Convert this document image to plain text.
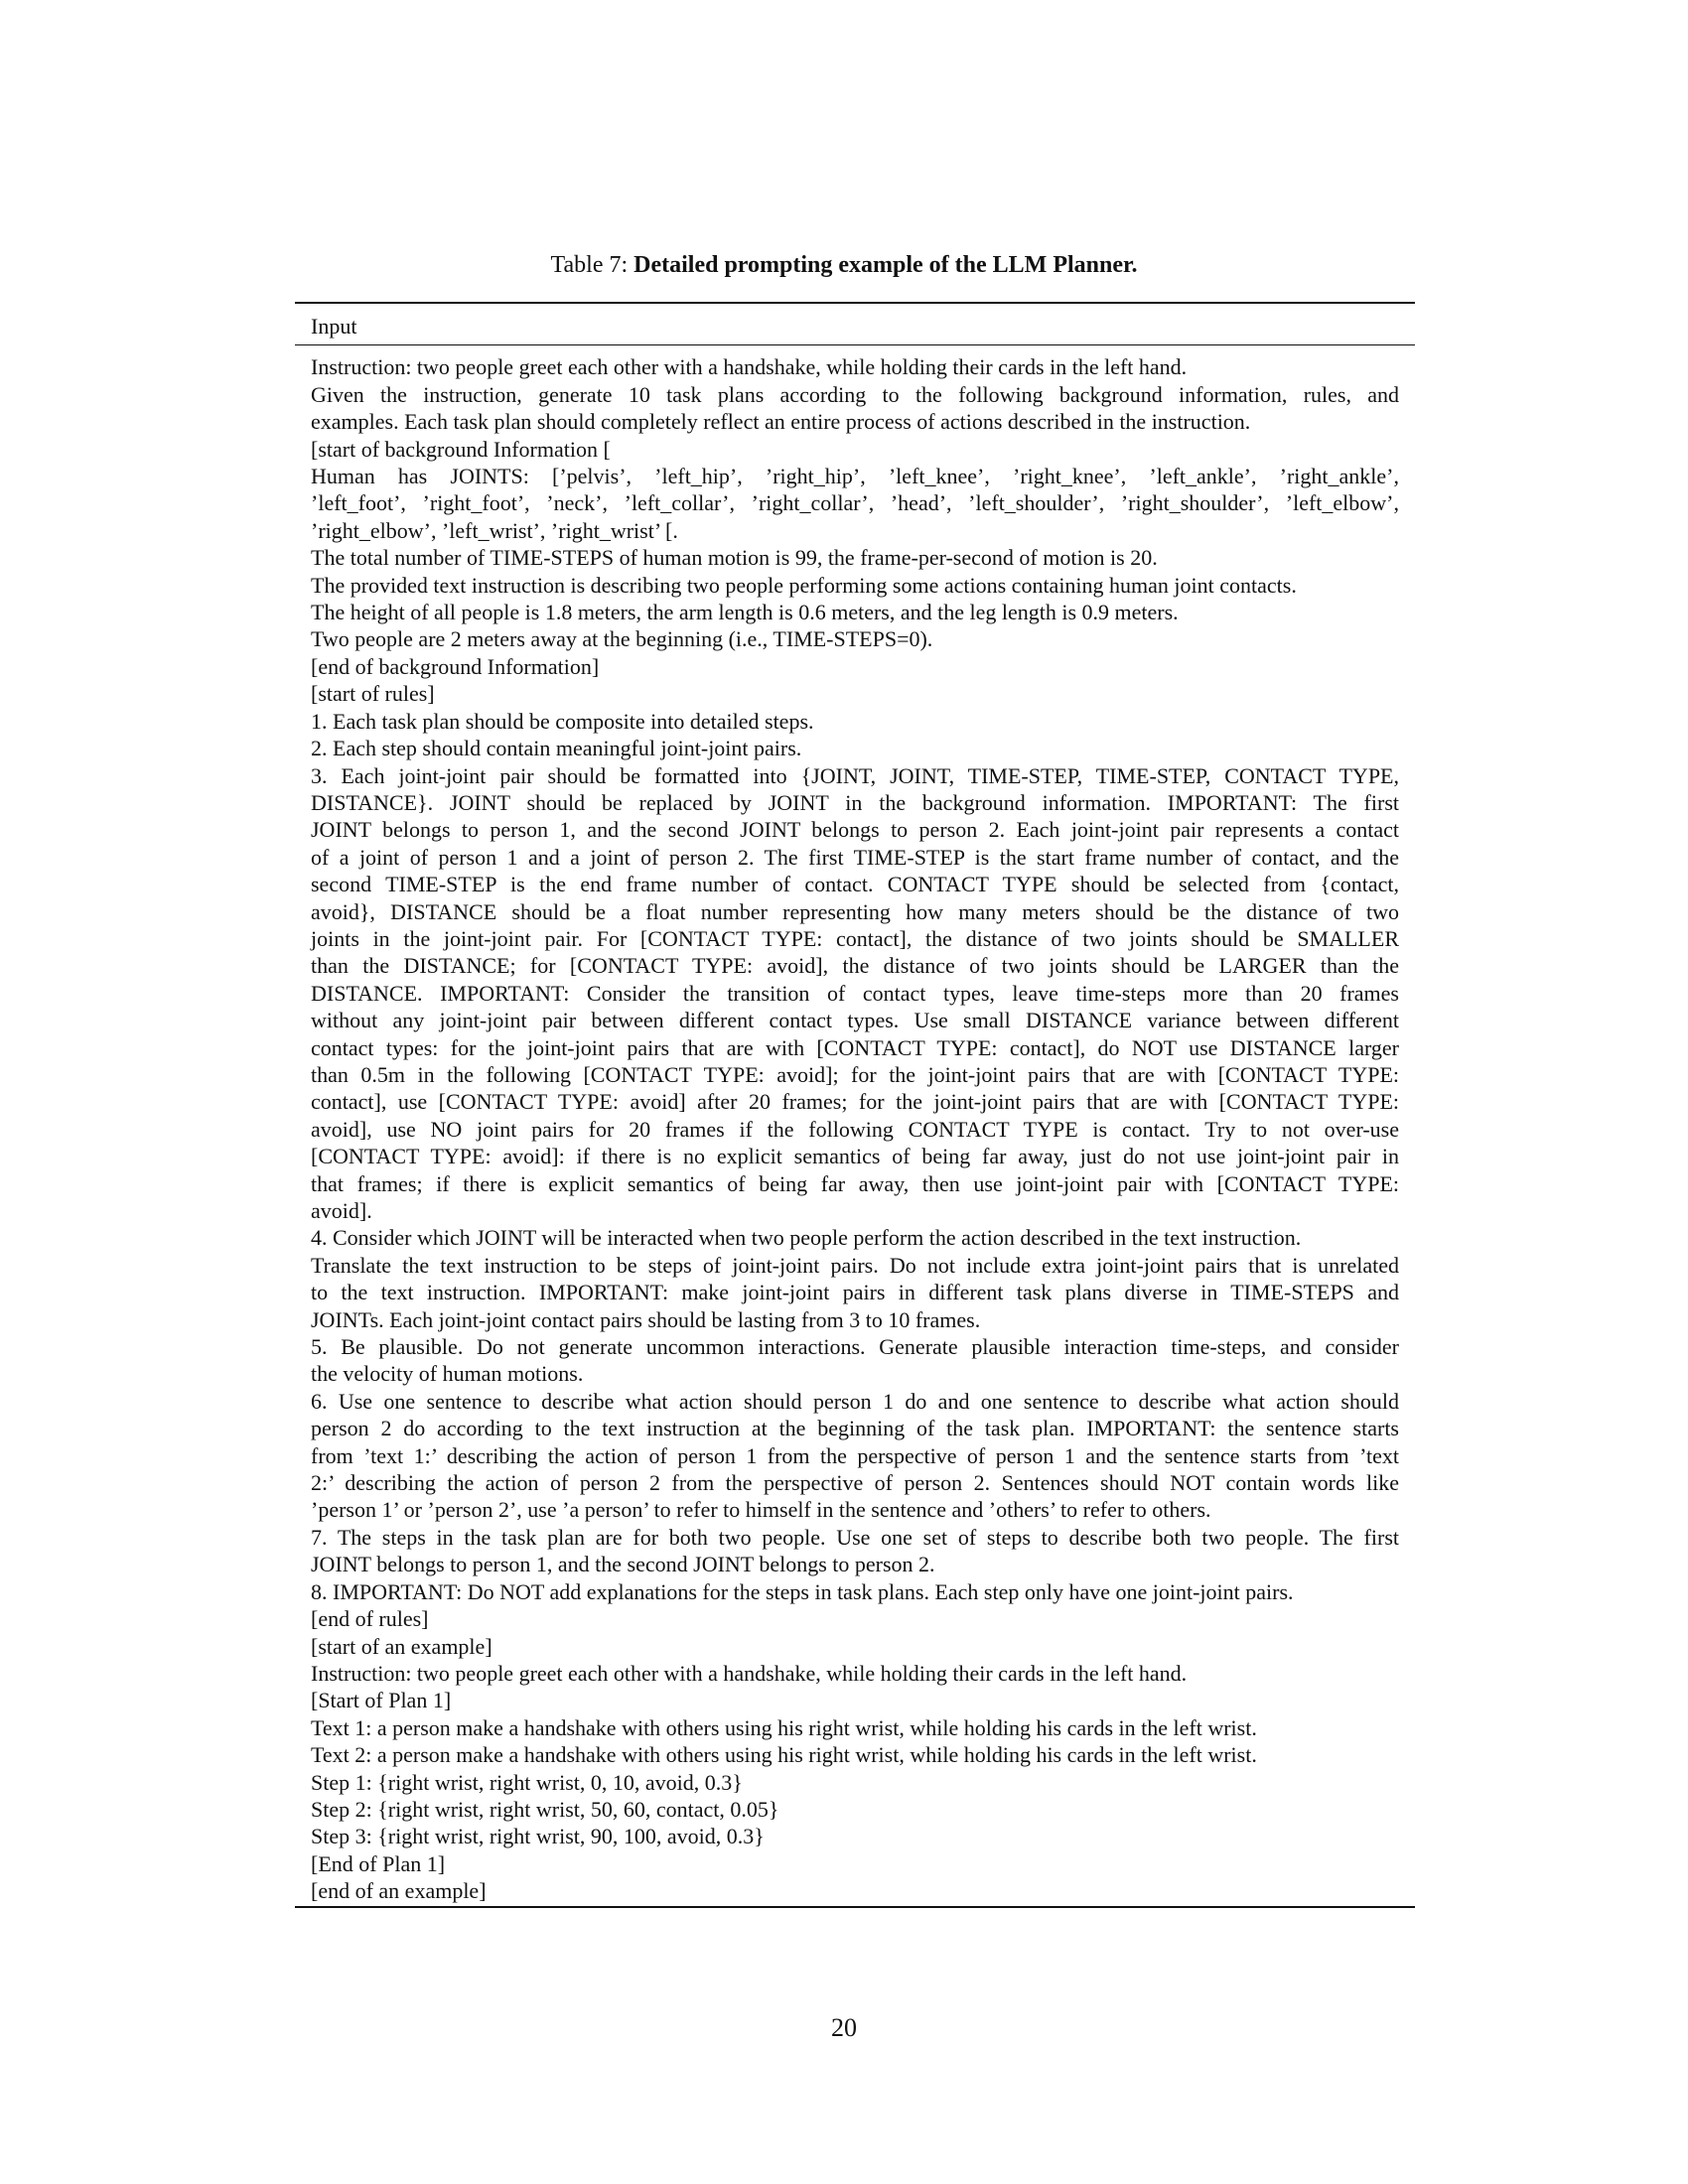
Table 7: Detailed prompting example of the LLM Planner.
Input
Instruction: two people greet each other with a handshake, while holding their cards in the left hand.
Given the instruction, generate 10 task plans according to the following background information, rules, and
examples. Each task plan should completely reflect an entire process of actions described in the instruction.
[start of background Information [
Human has JOINTS: [’pelvis’, ’left_hip’, ’right_hip’, ’left_knee’, ’right_knee’, ’left_ankle’, ’right_ankle’,
’left_foot’, ’right_foot’, ’neck’, ’left_collar’, ’right_collar’, ’head’, ’left_shoulder’, ’right_shoulder’, ’left_elbow’,
’right_elbow’, ’left_wrist’, ’right_wrist’ [.
The total number of TIME-STEPS of human motion is 99, the frame-per-second of motion is 20.
The provided text instruction is describing two people performing some actions containing human joint contacts.
The height of all people is 1.8 meters, the arm length is 0.6 meters, and the leg length is 0.9 meters.
Two people are 2 meters away at the beginning (i.e., TIME-STEPS=0).
[end of background Information]
[start of rules]
1. Each task plan should be composite into detailed steps.
2. Each step should contain meaningful joint-joint pairs.
3. Each joint-joint pair should be formatted into {JOINT, JOINT, TIME-STEP, TIME-STEP, CONTACT TYPE,
DISTANCE}. JOINT should be replaced by JOINT in the background information. IMPORTANT: The first
JOINT belongs to person 1, and the second JOINT belongs to person 2. Each joint-joint pair represents a contact
of a joint of person 1 and a joint of person 2. The first TIME-STEP is the start frame number of contact, and the
second TIME-STEP is the end frame number of contact. CONTACT TYPE should be selected from {contact,
avoid}, DISTANCE should be a float number representing how many meters should be the distance of two
joints in the joint-joint pair. For [CONTACT TYPE: contact], the distance of two joints should be SMALLER
than the DISTANCE; for [CONTACT TYPE: avoid], the distance of two joints should be LARGER than the
DISTANCE. IMPORTANT: Consider the transition of contact types, leave time-steps more than 20 frames
without any joint-joint pair between different contact types. Use small DISTANCE variance between different
contact types: for the joint-joint pairs that are with [CONTACT TYPE: contact], do NOT use DISTANCE larger
than 0.5m in the following [CONTACT TYPE: avoid]; for the joint-joint pairs that are with [CONTACT TYPE:
contact], use [CONTACT TYPE: avoid] after 20 frames; for the joint-joint pairs that are with [CONTACT TYPE:
avoid], use NO joint pairs for 20 frames if the following CONTACT TYPE is contact. Try to not over-use
[CONTACT TYPE: avoid]: if there is no explicit semantics of being far away, just do not use joint-joint pair in
that frames; if there is explicit semantics of being far away, then use joint-joint pair with [CONTACT TYPE:
avoid].
4. Consider which JOINT will be interacted when two people perform the action described in the text instruction.
Translate the text instruction to be steps of joint-joint pairs. Do not include extra joint-joint pairs that is unrelated
to the text instruction. IMPORTANT: make joint-joint pairs in different task plans diverse in TIME-STEPS and
JOINTs. Each joint-joint contact pairs should be lasting from 3 to 10 frames.
5. Be plausible. Do not generate uncommon interactions. Generate plausible interaction time-steps, and consider
the velocity of human motions.
6. Use one sentence to describe what action should person 1 do and one sentence to describe what action should
person 2 do according to the text instruction at the beginning of the task plan. IMPORTANT: the sentence starts
from ’text 1:’ describing the action of person 1 from the perspective of person 1 and the sentence starts from ’text
2:’ describing the action of person 2 from the perspective of person 2. Sentences should NOT contain words like
’person 1’ or ’person 2’, use ’a person’ to refer to himself in the sentence and ’others’ to refer to others.
7. The steps in the task plan are for both two people. Use one set of steps to describe both two people. The first
JOINT belongs to person 1, and the second JOINT belongs to person 2.
8. IMPORTANT: Do NOT add explanations for the steps in task plans. Each step only have one joint-joint pairs.
[end of rules]
[start of an example]
Instruction: two people greet each other with a handshake, while holding their cards in the left hand.
[Start of Plan 1]
Text 1: a person make a handshake with others using his right wrist, while holding his cards in the left wrist.
Text 2: a person make a handshake with others using his right wrist, while holding his cards in the left wrist.
Step 1: {right wrist, right wrist, 0, 10, avoid, 0.3}
Step 2: {right wrist, right wrist, 50, 60, contact, 0.05}
Step 3: {right wrist, right wrist, 90, 100, avoid, 0.3}
[End of Plan 1]
[end of an example]
20
